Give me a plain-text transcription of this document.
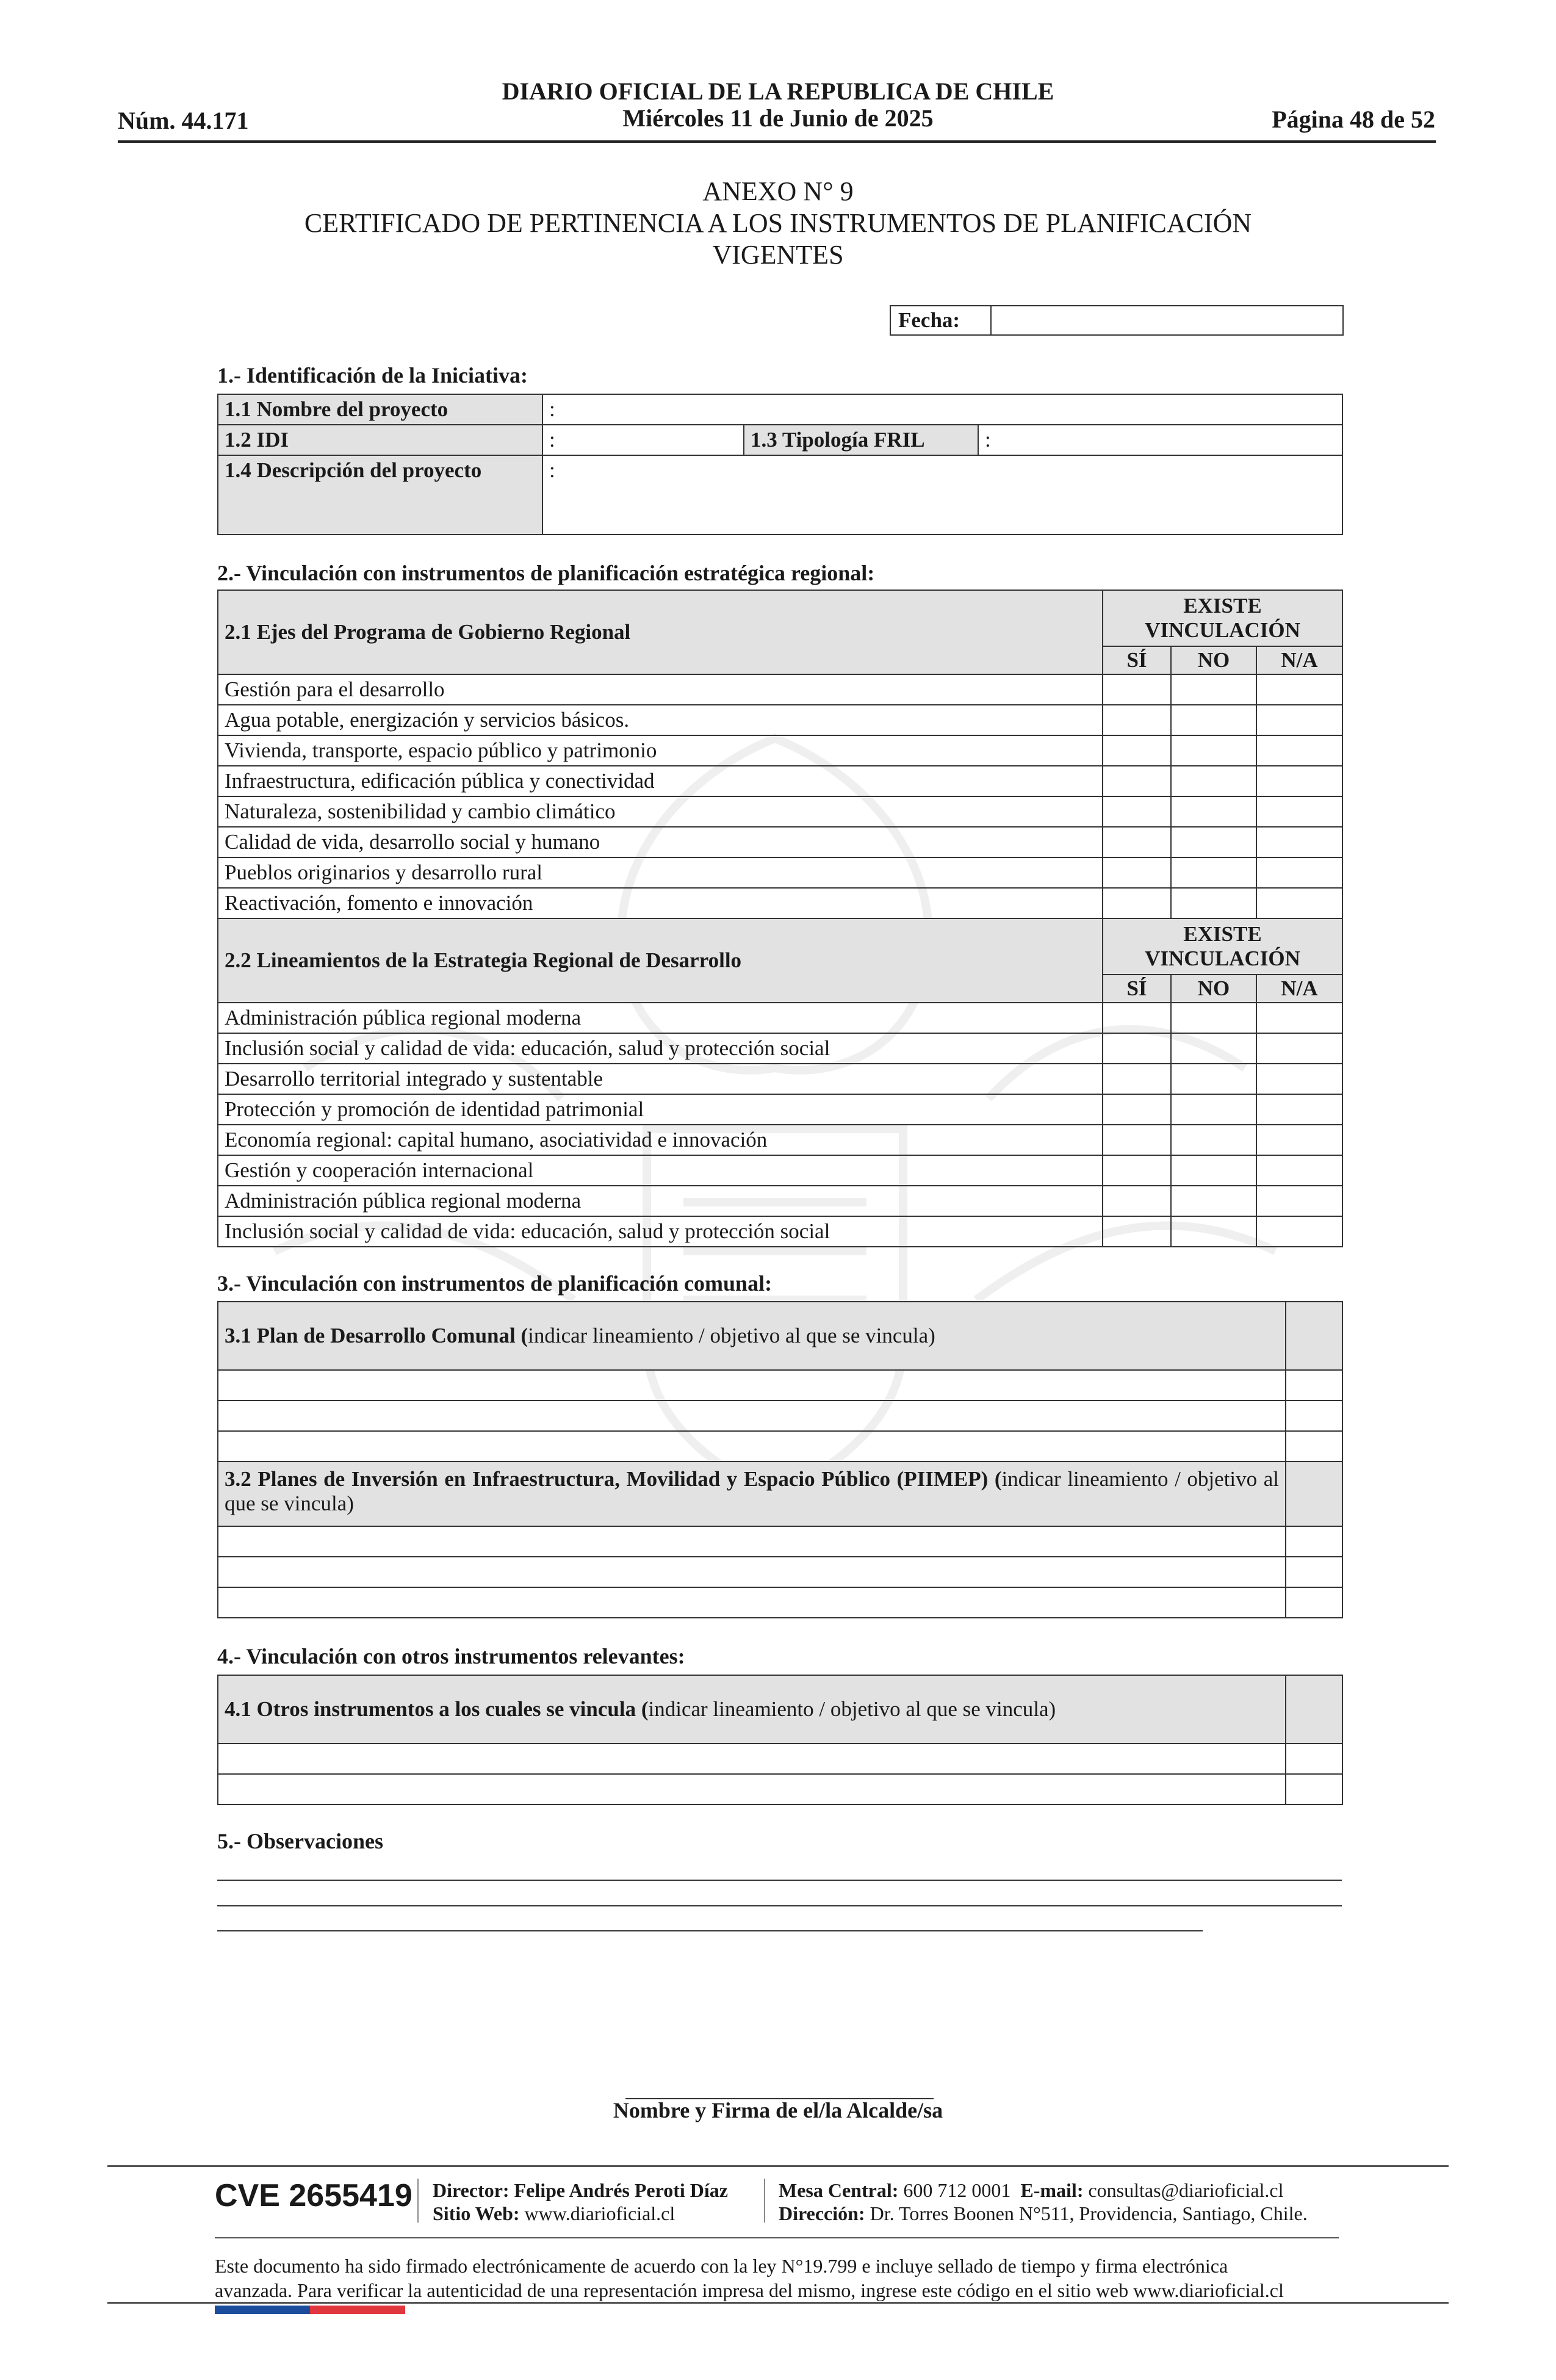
DIARIO OFICIAL DE LA REPUBLICA DE CHILE
Núm. 44.171	Miércoles 11 de Junio de 2025	Página 48 de 52
ANEXO N° 9
CERTIFICADO DE PERTINENCIA A LOS INSTRUMENTOS DE PLANIFICACIÓN
VIGENTES
Fecha:
1.- Identificación de la Iniciativa:
1.1 Nombre del proyecto	:		
1.2 IDI	:	1.3 Tipología FRIL	:
1.4 Descripción del proyecto	:		
2.- Vinculación con instrumentos de planificación estratégica regional:
2.1 Ejes del Programa de Gobierno Regional	EXISTE
VINCULACIÓN		
	SÍ	NO	N/A
Gestión para el desarrollo			
Agua potable, energización y servicios básicos.			
Vivienda, transporte, espacio público y patrimonio			
Infraestructura, edificación pública y conectividad			
Naturaleza, sostenibilidad y cambio climático			
Calidad de vida, desarrollo social y humano			
Pueblos originarios y desarrollo rural			
Reactivación, fomento e innovación			
2.2 Lineamientos de la Estrategia Regional de Desarrollo	EXISTE
VINCULACIÓN		
	SÍ	NO	N/A
Administración pública regional moderna			
Inclusión social y calidad de vida: educación, salud y protección social			
Desarrollo territorial integrado y sustentable			
Protección y promoción de identidad patrimonial			
Economía regional: capital humano, asociatividad e innovación			
Gestión y cooperación internacional			
Administración pública regional moderna			
Inclusión social y calidad de vida: educación, salud y protección social			
3.- Vinculación con instrumentos de planificación comunal:
3.1 Plan de Desarrollo Comunal (indicar lineamiento / objetivo al que se vincula)	

3.2 Planes de Inversión en Infraestructura, Movilidad y Espacio Público (PIIMEP) (indicar lineamiento / objetivo al que se vincula)	

4.- Vinculación con otros instrumentos relevantes:
4.1 Otros instrumentos a los cuales se vincula (indicar lineamiento / objetivo al que se vincula)	

5.- Observaciones
Nombre y Firma de el/la Alcalde/sa
CVE 2655419 Director: Felipe Andrés Peroti Díaz
Sitio Web: www.diarioficial.cl
Mesa Central: 600 712 0001 E-mail: consultas@diarioficial.cl
Dirección: Dr. Torres Boonen N°511, Providencia, Santiago, Chile.
Este documento ha sido firmado electrónicamente de acuerdo con la ley N°19.799 e incluye sellado de tiempo y firma electrónica
avanzada. Para verificar la autenticidad de una representación impresa del mismo, ingrese este código en el sitio web www.diarioficial.cl
